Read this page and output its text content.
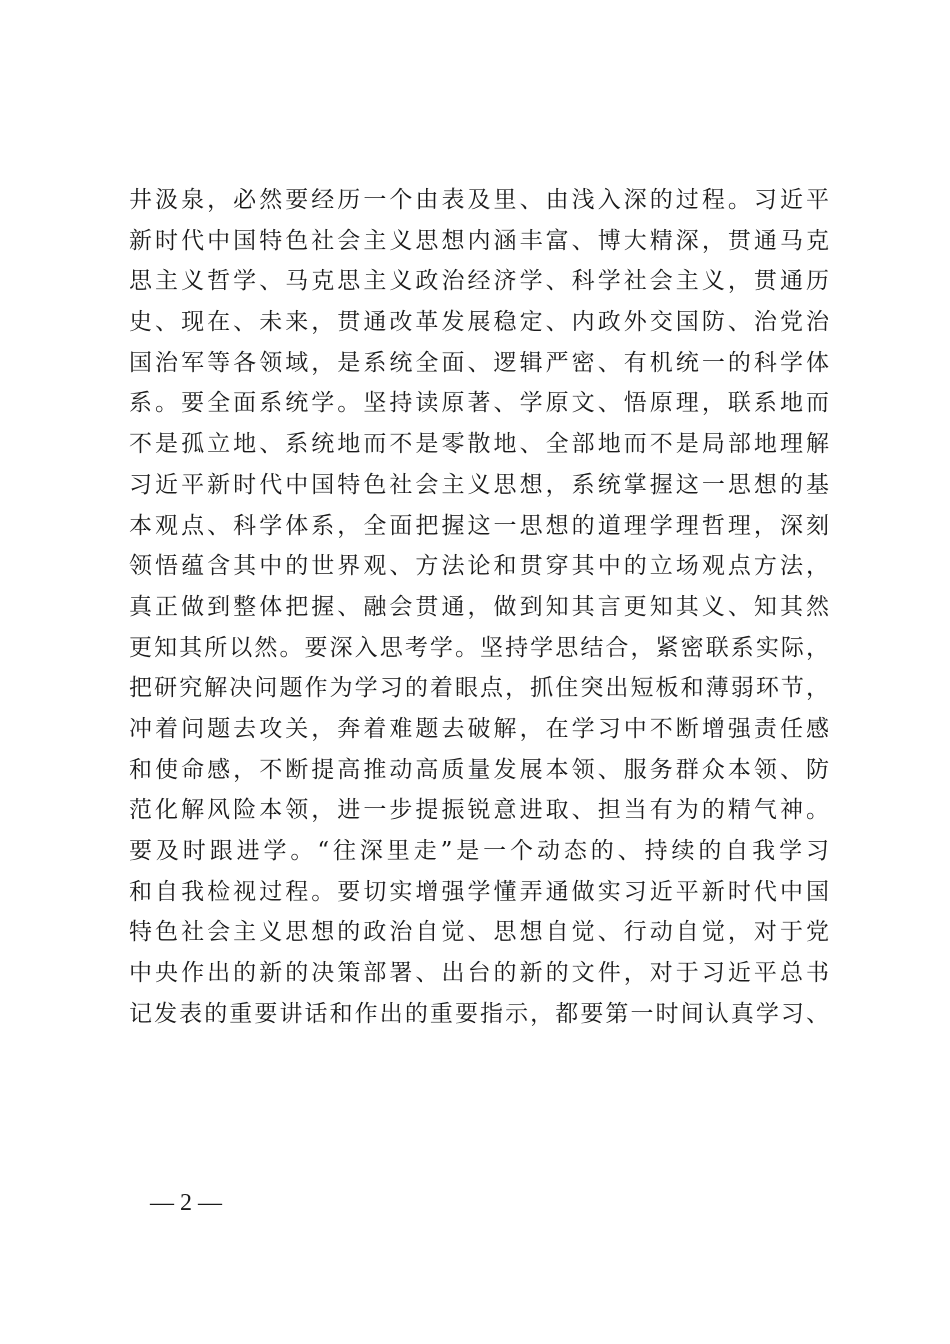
井汲泉，必然要经历一个由表及里、由浅入深的过程。习近平
新时代中国特色社会主义思想内涵丰富、博大精深，贯通马克
思主义哲学、马克思主义政治经济学、科学社会主义，贯通历
史、现在、未来，贯通改革发展稳定、内政外交国防、治党治
国治军等各领域，是系统全面、逻辑严密、有机统一的科学体
系。要全面系统学。坚持读原著、学原文、悟原理，联系地而
不是孤立地、系统地而不是零散地、全部地而不是局部地理解
习近平新时代中国特色社会主义思想，系统掌握这一思想的基
本观点、科学体系，全面把握这一思想的道理学理哲理，深刻
领悟蕴含其中的世界观、方法论和贯穿其中的立场观点方法，
真正做到整体把握、融会贯通，做到知其言更知其义、知其然
更知其所以然。要深入思考学。坚持学思结合，紧密联系实际，
把研究解决问题作为学习的着眼点，抓住突出短板和薄弱环节，
冲着问题去攻关，奔着难题去破解，在学习中不断增强责任感
和使命感，不断提高推动高质量发展本领、服务群众本领、防
范化解风险本领，进一步提振锐意进取、担当有为的精气神。
要及时跟进学。“往深里走”是一个动态的、持续的自我学习
和自我检视过程。要切实增强学懂弄通做实习近平新时代中国
特色社会主义思想的政治自觉、思想自觉、行动自觉，对于党
中央作出的新的决策部署、出台的新的文件，对于习近平总书
记发表的重要讲话和作出的重要指示，都要第一时间认真学习、
— 2 —
